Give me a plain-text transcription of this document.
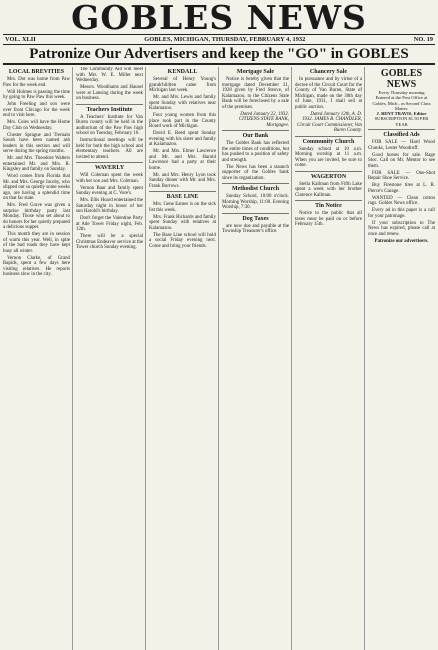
GOBLES NEWS
VOL. XLII	GOBLES, MICHIGAN, THURSDAY, FEBRUARY 4, 1932	NO. 19
Patronize Our Advertisers and keep the "GO" in GOBLES
LOCAL BREVITIES

Mrs. Dot was home from Paw Paw for the week end.

Will Holmes is passing the time by going to Paw Paw this week.

John Freeling and son were over from Chicago for the week end to visit here.

Mrs. Coles will have the Home Day Club on Wednesday.

Chester Sprague and Tremain Soush have been named ash leaders in this section and will serve during the spring months.

Mr. and Mrs. Theodore Walters entertained Mr. and Mrs. R. Kingsley and family on Sunday.

Word comes from Florida that Mr. and Mrs. George Jacoby, who slipped out so quietly some weeks ago, are having a splendid time on that far state.

Mrs. Fred Grave was given a surprise birthday party last Monday. Those who set about to do honors for her quietly prepared a delicious supper.

This month they are in session of warm this year. Well, in spite of the bad roads they have kept busy all winter.

Vernon Clarke, of Grand Rapids, spent a few days here visiting relatives. He reports business slow in the city.

The Community Aid will meet with Mrs. W. E. Miller next Wednesday.

Messrs. Woodhams and Hausel were at Lansing during the week on business.

Teachers Institute

A Teachers' Institute for Van Buren county will be held in the auditorium of the Paw Paw high school on Tuesday, February 16.

Instructional meetings will be held for both the high school and elementary teachers. All are invited to attend.

WAVERLY

Will Coleman spent the week with her son and Mrs. Coleman.

Vernon Baar and family spent Sunday evening at C. Vore's.

Mrs. Ellis Hoard entertained the Saturday night in honor of her son Harold's birthday.

Don't forget the Valentine Party at Ade Tower Friday night, Feb. 12th.

There will be a special Christmas Endeavor service at the Tower church Sunday evening.

KENDALL

Several of Henry Young's grandchildren came from Michigan last week.

Mr. and Mrs. Lewis and family spent Sunday with relatives near Kalamazoo.

Four young women from this place took part in the County Board work of Michigan.

David E. Reed spent Sunday evening with his sister and family at Kalamazoo.

Mr. and Mrs. Elmer Lawrence and Mr. and Mrs. Harold Lawrence had a party at their home.

Mr. and Mrs. Henry Lyon took Sunday dinner with Mr. and Mrs. Frank Burrows.

BASE LINE

Mrs. Gene Eames is on the sick list this week.

Mrs. Frank Richards and family spent Sunday with relatives at Kalamazoo.

The Base Line school will hold a social Friday evening next. Come and bring your friends.

Mortgage Sale

Notice is hereby given that the mortgage dated December 31, 1928 given by Fred Steuve, of Kalamazoo, to the Citizens State Bank will be foreclosed by a sale of the premises.

Dated January 22, 1932. CITIZENS STATE BANK, Mortgagee.

Our Bank

The Gobles Bank has reflected the entire times of conditions, but has pushed to a position of safety and strength.

The News has been a staunch supporter of the Gobles bank since its organization.

Methodist Church

Sunday School, 10:00 o'clock. Morning Worship, 11:00. Evening Worship, 7:30.

Dog Taxes

are now due and payable at the Township Treasurer's office.

Chancery Sale

In pursuance and by virtue of a decree of the Circuit Court for the County of Van Buren, State of Michigan, made on the 30th day of June, 1931, I shall sell at public auction.

Dated January 12th, A. D. 1932. JAMES B. CHANDLER, Circuit Court Commissioner, Van Buren County.

Community Church

Sunday school at 10 a.m. Morning worship at 11 a.m. When you are invited, be sure to come.

WAGERTON

Stella Kallman from Fifth Lake spent a week with her brother Clarence Kallman.

Tin Notice

Notice to the public that all taxes must be paid on or before February 15th.

GOBLES NEWS
Every Thursday morning
Entered at the Post Office at Gobles, Mich., as Second Class Matter.
J. BENT TRAVIS, Editor
SUBSCRIPTION $1.50 PER YEAR
Classified Ads

FOR SALE — Hard Wood Chunks, Lester Woodruff.

Good horses for sale. Rage Stoc. Call on Mr. Mentor to see them.

FOR SALE — One-Shot Repair Shoe Service.

Buy Firestone tires at L. R. Pierce's Garage.

WANTED — Clean cotton rags. Gobles News office.

Every ad in this paper is a call for your patronage.

If your subscription to The News has expired, please call at once and renew.

Patronize our advertisers.
